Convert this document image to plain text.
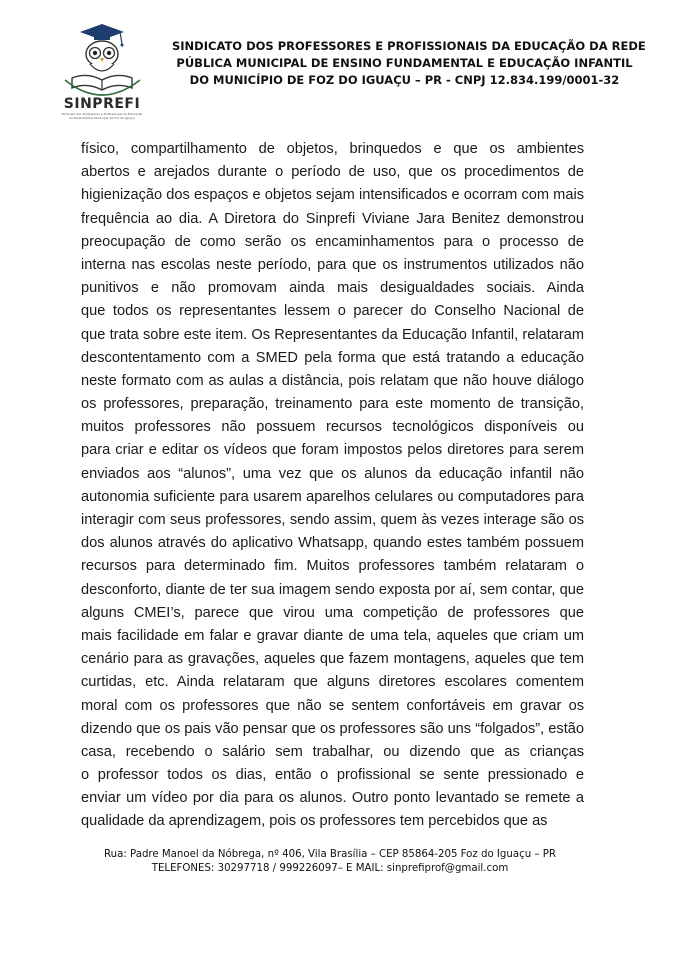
SINPREFI
Sindicato dos Professores e Profissionais da Educação da Rede Pública Municipal de Foz do Iguaçu
SINDICATO DOS PROFESSORES E PROFISSIONAIS DA EDUCAÇÃO DA REDE
PÚBLICA MUNICIPAL DE ENSINO FUNDAMENTAL E EDUCAÇÃO INFANTIL
DO MUNICÍPIO DE FOZ DO IGUAÇU – PR - CNPJ 12.834.199/0001-32
físico, compartilhamento de objetos, brinquedos e que os ambientes
abertos e arejados durante o período de uso, que os procedimentos de
higienização dos espaços e objetos sejam intensificados e ocorram com mais
frequência ao dia. A Diretora do Sinprefi Viviane Jara Benitez demonstrou
preocupação de como serão os encaminhamentos para o processo de
interna nas escolas neste período, para que os instrumentos utilizados não
punitivos e não promovam ainda mais desigualdades sociais. Ainda
que todos os representantes lessem o parecer do Conselho Nacional de
que trata sobre este item. Os Representantes da Educação Infantil, relataram
descontentamento com a SMED pela forma que está tratando a educação
neste formato com as aulas a distância, pois relatam que não houve diálogo
os professores, preparação, treinamento para este momento de transição,
muitos professores não possuem recursos tecnológicos disponíveis ou
para criar e editar os vídeos que foram impostos pelos diretores para serem
enviados aos “alunos”, uma vez que os alunos da educação infantil não
autonomia suficiente para usarem aparelhos celulares ou computadores para
interagir com seus professores, sendo assim, quem às vezes interage são os
dos alunos através do aplicativo Whatsapp, quando estes também possuem
recursos para determinado fim. Muitos professores também relataram o
desconforto, diante de ter sua imagem sendo exposta por aí, sem contar, que
alguns CMEI’s, parece que virou uma competição de professores que
mais facilidade em falar e gravar diante de uma tela, aqueles que criam um
cenário para as gravações, aqueles que fazem montagens, aqueles que tem
curtidas, etc. Ainda relataram que alguns diretores escolares comentem
moral com os professores que não se sentem confortáveis em gravar os
dizendo que os pais vão pensar que os professores são uns “folgados”, estão
casa, recebendo o salário sem trabalhar, ou dizendo que as crianças
o professor todos os dias, então o profissional se sente pressionado e
enviar um vídeo por dia para os alunos. Outro ponto levantado se remete a
qualidade da aprendizagem, pois os professores tem percebidos que as
Rua: Padre Manoel da Nóbrega, nº 406, Vila Brasília – CEP 85864-205 Foz do Iguaçu – PR
TELEFONES: 30297718 / 999226097– E MAIL: sinprefiprof@gmail.com
